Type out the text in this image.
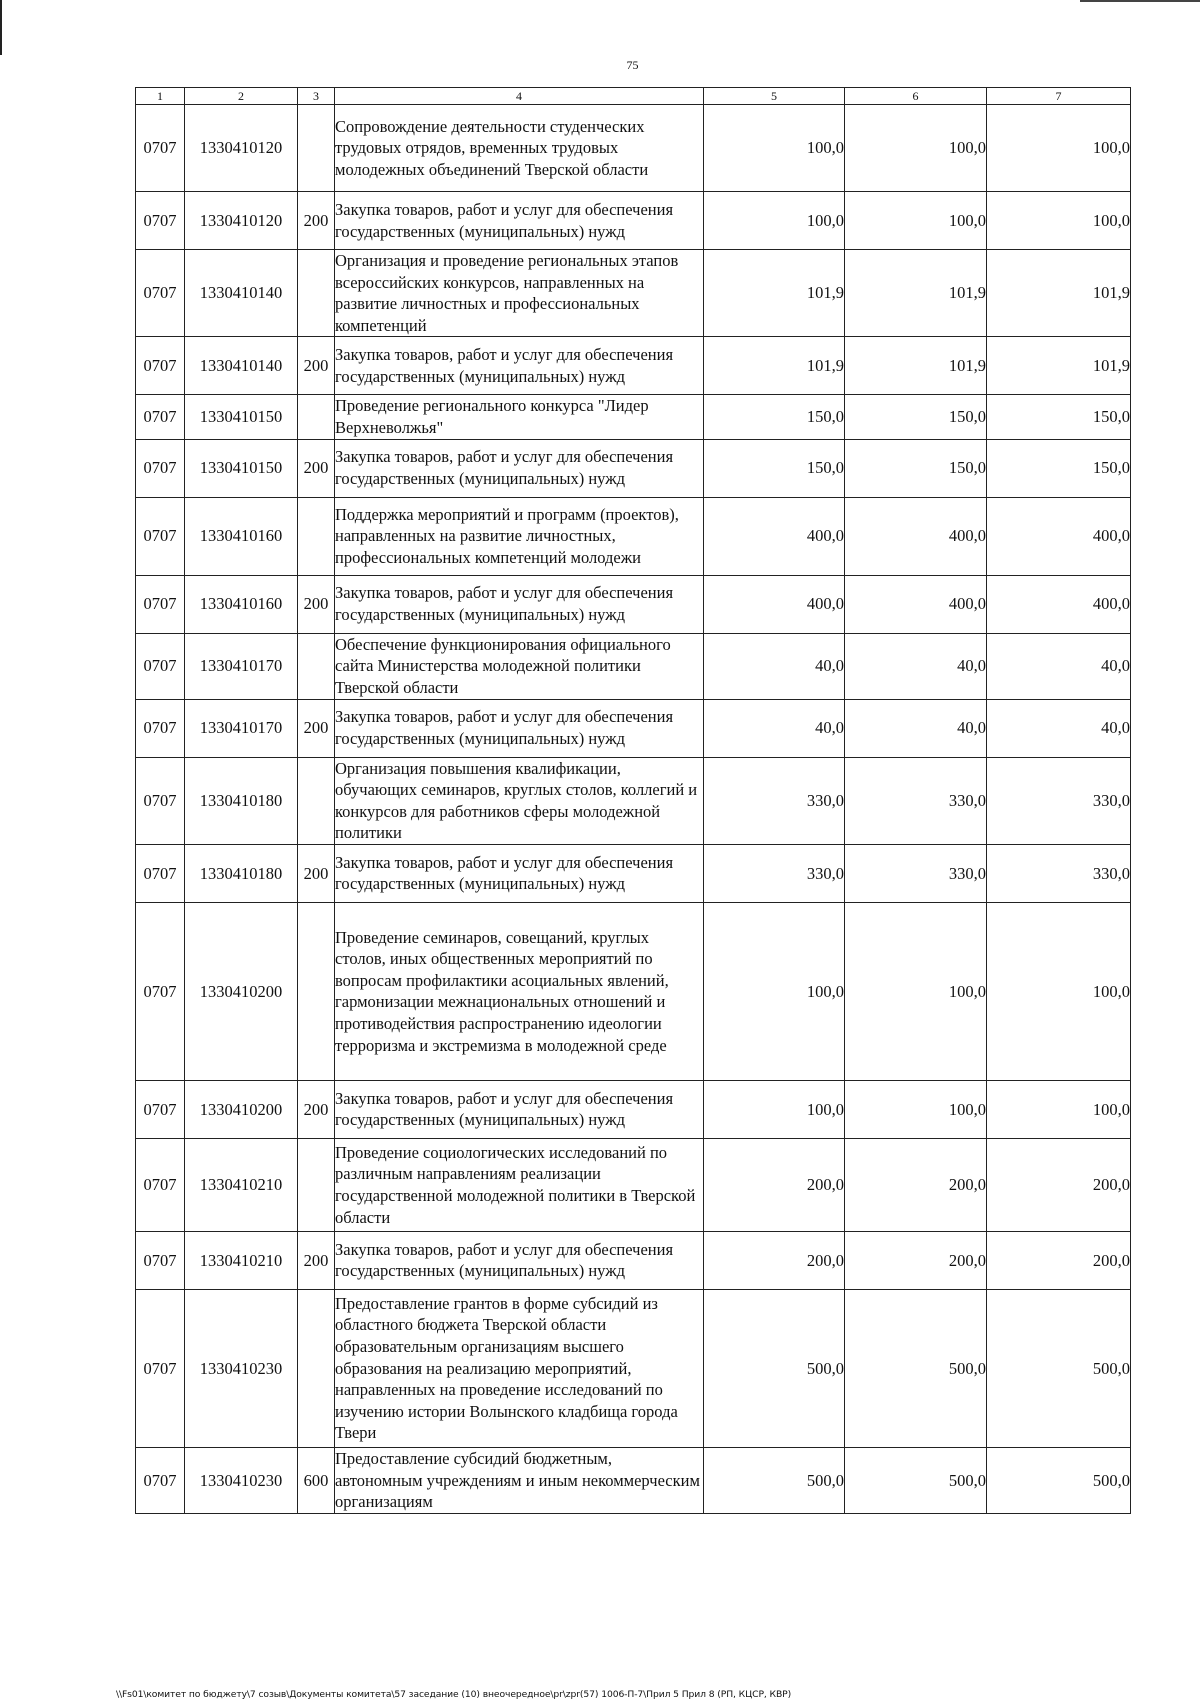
75
1	2	3	4	5	6	7
0707	1330410120		Сопровождение деятельности студенческих трудовых отрядов, временных трудовых молодежных объединений Тверской области	100,0	100,0	100,0
0707	1330410120	200	Закупка товаров, работ и услуг для обеспечения государственных (муниципальных) нужд	100,0	100,0	100,0
0707	1330410140		Организация и проведение региональных этапов всероссийских конкурсов, направленных на развитие личностных и профессиональных компетенций	101,9	101,9	101,9
0707	1330410140	200	Закупка товаров, работ и услуг для обеспечения государственных (муниципальных) нужд	101,9	101,9	101,9
0707	1330410150		Проведение регионального конкурса "Лидер Верхневолжья"	150,0	150,0	150,0
0707	1330410150	200	Закупка товаров, работ и услуг для обеспечения государственных (муниципальных) нужд	150,0	150,0	150,0
0707	1330410160		Поддержка мероприятий и программ (проектов), направленных на развитие личностных, профессиональных компетенций молодежи	400,0	400,0	400,0
0707	1330410160	200	Закупка товаров, работ и услуг для обеспечения государственных (муниципальных) нужд	400,0	400,0	400,0
0707	1330410170		Обеспечение функционирования официального сайта Министерства молодежной политики Тверской области	40,0	40,0	40,0
0707	1330410170	200	Закупка товаров, работ и услуг для обеспечения государственных (муниципальных) нужд	40,0	40,0	40,0
0707	1330410180		Организация повышения квалификации, обучающих семинаров, круглых столов, коллегий и конкурсов для работников сферы молодежной политики	330,0	330,0	330,0
0707	1330410180	200	Закупка товаров, работ и услуг для обеспечения государственных (муниципальных) нужд	330,0	330,0	330,0
0707	1330410200		Проведение семинаров, совещаний, круглых столов, иных общественных мероприятий по вопросам профилактики асоциальных явлений, гармонизации межнациональных отношений и противодействия распространению идеологии терроризма и экстремизма в молодежной среде	100,0	100,0	100,0
0707	1330410200	200	Закупка товаров, работ и услуг для обеспечения государственных (муниципальных) нужд	100,0	100,0	100,0
0707	1330410210		Проведение социологических исследований по различным направлениям реализации государственной молодежной политики в Тверской области	200,0	200,0	200,0
0707	1330410210	200	Закупка товаров, работ и услуг для обеспечения государственных (муниципальных) нужд	200,0	200,0	200,0
0707	1330410230		Предоставление грантов в форме субсидий из областного бюджета Тверской области образовательным организациям высшего образования на реализацию мероприятий, направленных на проведение исследований по изучению истории Волынского кладбища города Твери	500,0	500,0	500,0
0707	1330410230	600	Предоставление субсидий бюджетным, автономным учреждениям и иным некоммерческим организациям	500,0	500,0	500,0
\\Fs01\комитет по бюджету\7 созыв\Документы комитета\57 заседание (10) внеочередное\pr\zpr(57) 1006-П-7\Прил 5 Прил 8 (РП, КЦСР, КВР)
